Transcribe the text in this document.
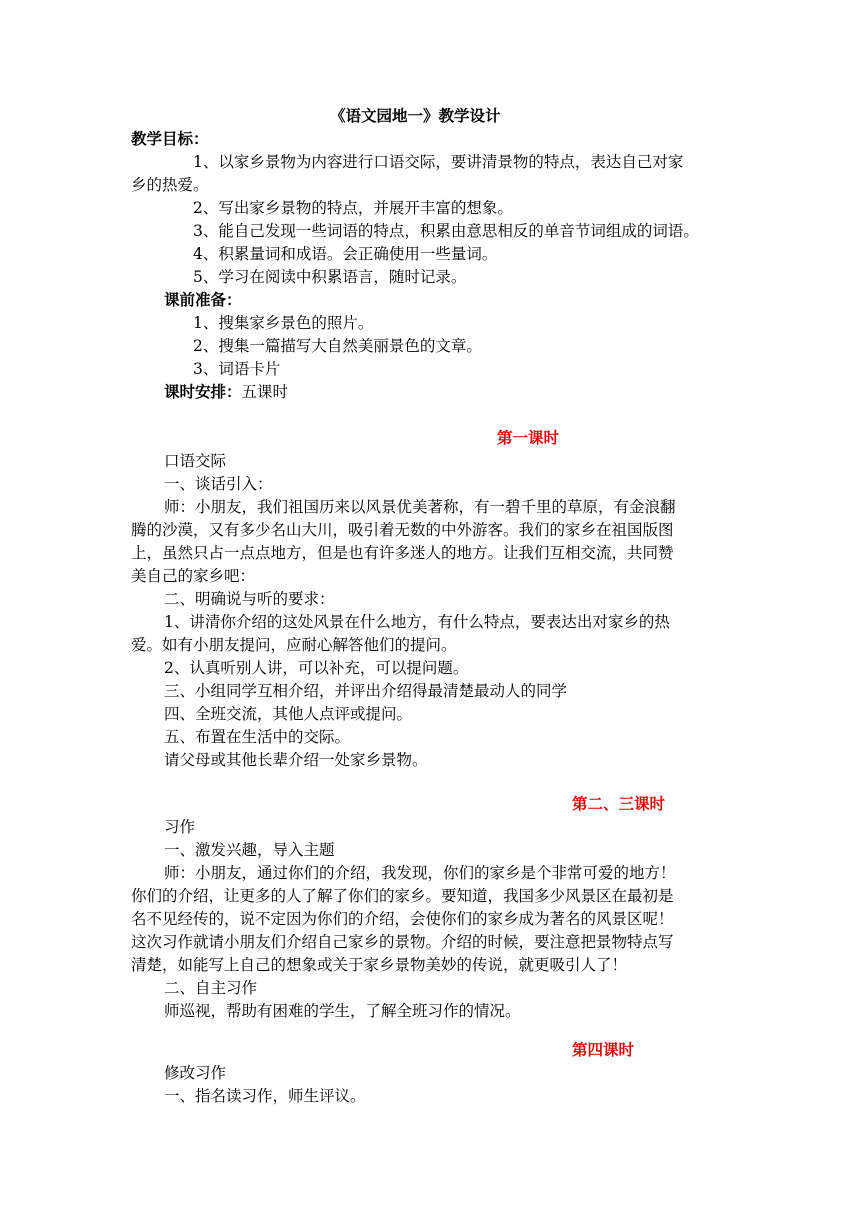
《语文园地一》教学设计
教学目标：
1、以家乡景物为内容进行口语交际，要讲清景物的特点，表达自己对家
乡的热爱。
2、写出家乡景物的特点，并展开丰富的想象。
3、能自己发现一些词语的特点，积累由意思相反的单音节词组成的词语。
4、积累量词和成语。会正确使用一些量词。
5、学习在阅读中积累语言，随时记录。
课前准备：
1、搜集家乡景色的照片。
2、搜集一篇描写大自然美丽景色的文章。
3、词语卡片
课时安排：五课时
第一课时
口语交际
一、谈话引入：
师：小朋友，我们祖国历来以风景优美著称，有一碧千里的草原，有金浪翻
腾的沙漠，又有多少名山大川，吸引着无数的中外游客。我们的家乡在祖国版图
上，虽然只占一点点地方，但是也有许多迷人的地方。让我们互相交流，共同赞
美自己的家乡吧：
二、明确说与听的要求：
1、讲清你介绍的这处风景在什么地方，有什么特点，要表达出对家乡的热
爱。如有小朋友提问，应耐心解答他们的提问。
2、认真听别人讲，可以补充，可以提问题。
三、小组同学互相介绍，并评出介绍得最清楚最动人的同学
四、全班交流，其他人点评或提问。
五、布置在生活中的交际。
请父母或其他长辈介绍一处家乡景物。
第二、三课时
习作
一、激发兴趣，导入主题
师：小朋友，通过你们的介绍，我发现，你们的家乡是个非常可爱的地方！
你们的介绍，让更多的人了解了你们的家乡。要知道，我国多少风景区在最初是
名不见经传的，说不定因为你们的介绍，会使你们的家乡成为著名的风景区呢！
这次习作就请小朋友们介绍自己家乡的景物。介绍的时候，要注意把景物特点写
清楚，如能写上自己的想象或关于家乡景物美妙的传说，就更吸引人了！
二、自主习作
师巡视，帮助有困难的学生，了解全班习作的情况。
第四课时
修改习作
一、指名读习作，师生评议。
